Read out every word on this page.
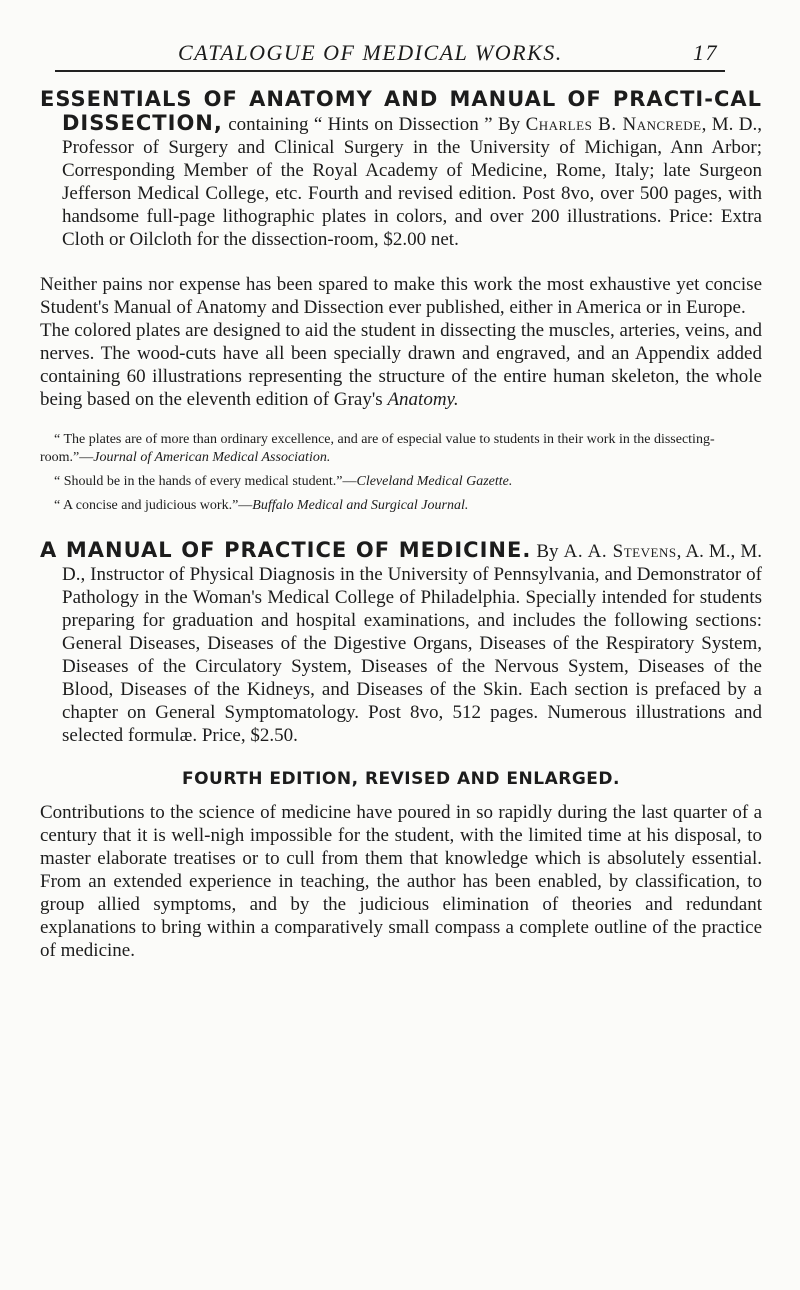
CATALOGUE OF MEDICAL WORKS.	17

ESSENTIALS OF ANATOMY AND MANUAL OF PRACTI-CAL DISSECTION, containing “ Hints on Dissection ” By Charles B. Nancrede, M. D., Professor of Surgery and Clinical Surgery in the University of Michigan, Ann Arbor; Corresponding Member of the Royal Academy of Medicine, Rome, Italy; late Surgeon Jefferson Medical College, etc. Fourth and revised edition. Post 8vo, over 500 pages, with handsome full-page lithographic plates in colors, and over 200 illustrations. Price: Extra Cloth or Oilcloth for the dissection-room, $2.00 net.

Neither pains nor expense has been spared to make this work the most exhaustive yet concise Student's Manual of Anatomy and Dissection ever published, either in America or in Europe.

The colored plates are designed to aid the student in dissecting the muscles, arteries, veins, and nerves. The wood-cuts have all been specially drawn and engraved, and an Appendix added containing 60 illustrations representing the structure of the entire human skeleton, the whole being based on the eleventh edition of Gray's Anatomy.

“ The plates are of more than ordinary excellence, and are of especial value to students in their work in the dissecting-room.”—Journal of American Medical Association.

“ Should be in the hands of every medical student.”—Cleveland Medical Gazette.

“ A concise and judicious work.”—Buffalo Medical and Surgical Journal.

A MANUAL OF PRACTICE OF MEDICINE. By A. A. Stevens, A. M., M. D., Instructor of Physical Diagnosis in the University of Pennsylvania, and Demonstrator of Pathology in the Woman's Medical College of Philadelphia. Specially intended for students preparing for graduation and hospital examinations, and includes the following sections: General Diseases, Diseases of the Digestive Organs, Diseases of the Respiratory System, Diseases of the Circulatory System, Diseases of the Nervous System, Diseases of the Blood, Diseases of the Kidneys, and Diseases of the Skin. Each section is prefaced by a chapter on General Symptomatology. Post 8vo, 512 pages. Numerous illustrations and selected formulæ. Price, $2.50.

FOURTH EDITION, REVISED AND ENLARGED.

Contributions to the science of medicine have poured in so rapidly during the last quarter of a century that it is well-nigh impossible for the student, with the limited time at his disposal, to master elaborate treatises or to cull from them that knowledge which is absolutely essential. From an extended experience in teaching, the author has been enabled, by classification, to group allied symptoms, and by the judicious elimination of theories and redundant explanations to bring within a comparatively small compass a complete outline of the practice of medicine.
